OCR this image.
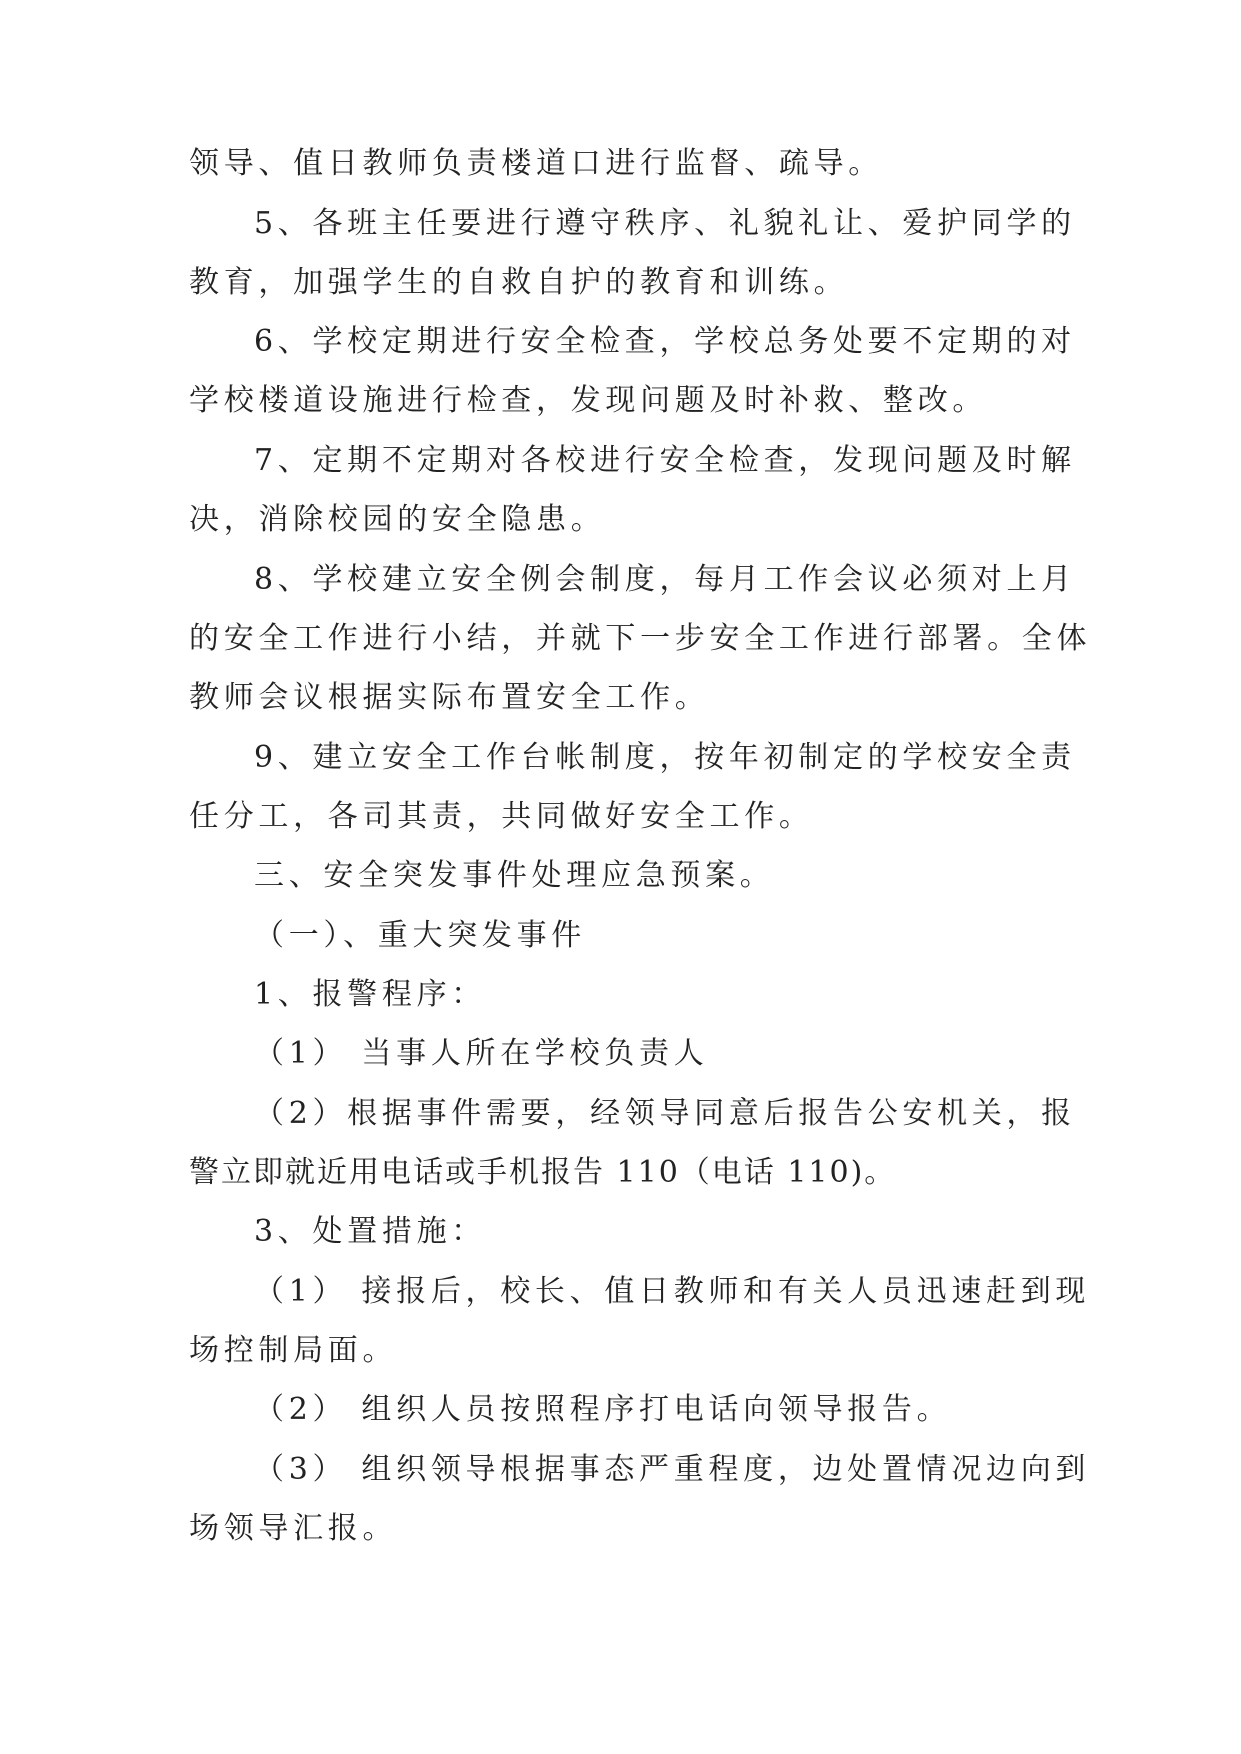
领导、值日教师负责楼道口进行监督、疏导。
5、各班主任要进行遵守秩序、礼貌礼让、爱护同学的
教育，加强学生的自救自护的教育和训练。
6、学校定期进行安全检查，学校总务处要不定期的对
学校楼道设施进行检查，发现问题及时补救、整改。
7、定期不定期对各校进行安全检查，发现问题及时解
决，消除校园的安全隐患。
8、学校建立安全例会制度，每月工作会议必须对上月
的安全工作进行小结，并就下一步安全工作进行部署。全体
教师会议根据实际布置安全工作。
9、建立安全工作台帐制度，按年初制定的学校安全责
任分工，各司其责，共同做好安全工作。
三、安全突发事件处理应急预案。
（一）、重大突发事件
1、报警程序：
（1） 当事人所在学校负责人
（2）根据事件需要，经领导同意后报告公安机关，报
警立即就近用电话或手机报告 110（电话 110)。
3、处置措施：
（1） 接报后，校长、值日教师和有关人员迅速赶到现
场控制局面。
（2） 组织人员按照程序打电话向领导报告。
（3） 组织领导根据事态严重程度，边处置情况边向到
场领导汇报。
